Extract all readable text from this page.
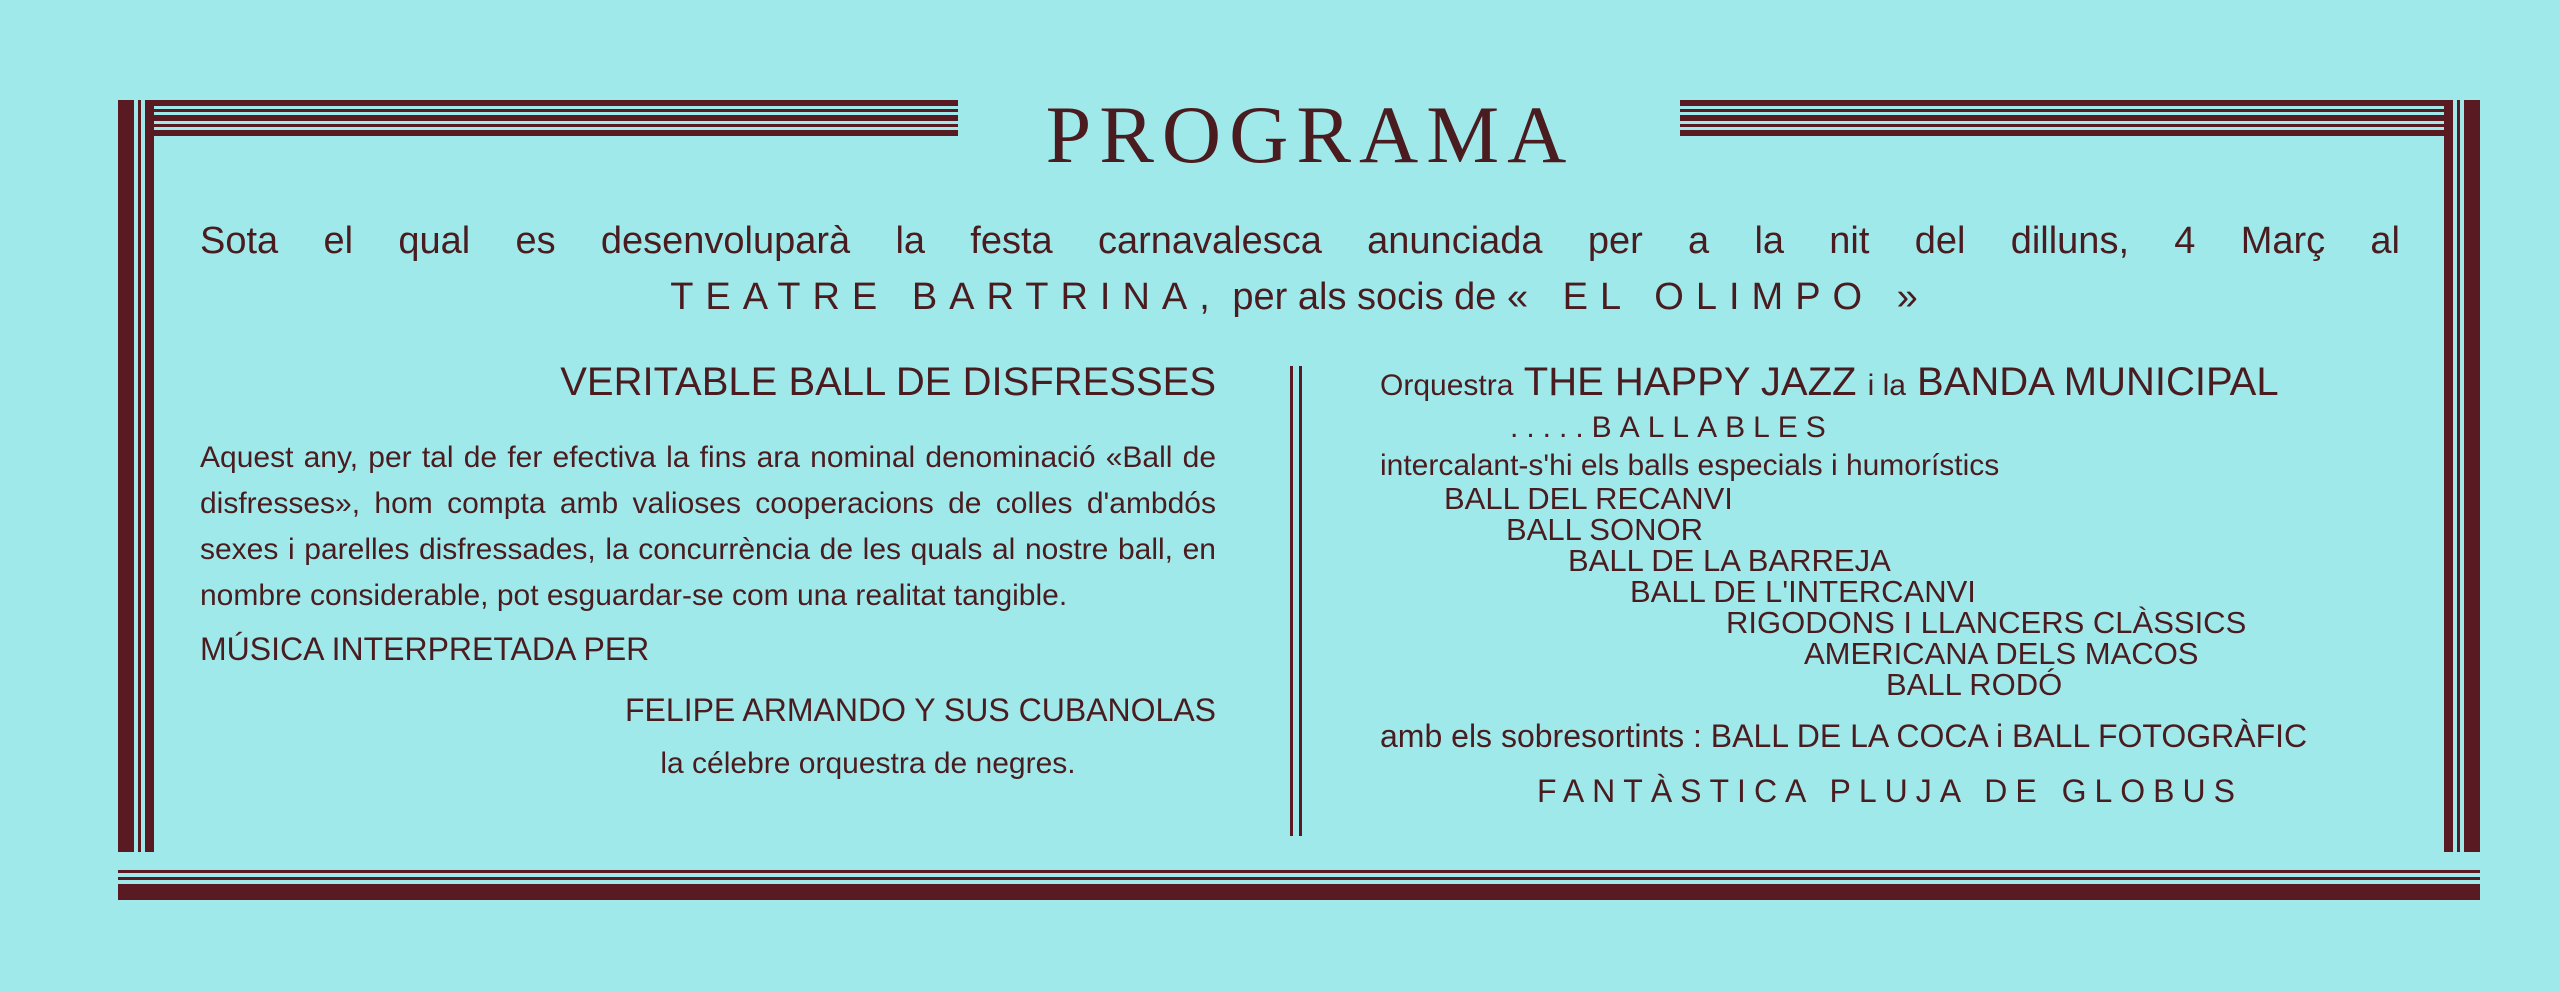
PROGRAMA
Sota el qual es desenvoluparà la festa carnavalesca anunciada per a la nit del dilluns, 4 Març al
TEATRE BARTRINA, per als socis de « EL OLIMPO »
VERITABLE BALL DE DISFRESSES
Aquest any, per tal de fer efectiva la fins ara nominal denominació «Ball de disfresses», hom compta amb valioses cooperacions de colles d'ambdós sexes i parelles disfressades, la concurrència de les quals al nostre ball, en nombre considerable, pot esguardar-se com una realitat tangible.
MÚSICA INTERPRETADA PER
FELIPE ARMANDO Y SUS CUBANOLAS
la célebre orquestra de negres.
Orquestra THE HAPPY JAZZ i la BANDA MUNICIPAL
.....BALLABLES
intercalant-s'hi els balls especials i humorístics
BALL DEL RECANVI
BALL SONOR
BALL DE LA BARREJA
BALL DE L'INTERCANVI
RIGODONS I LLANCERS CLÀSSICS
AMERICANA DELS MACOS
BALL RODÓ
amb els sobresortints : BALL DE LA COCA i BALL FOTOGRÀFIC
FANTÀSTICA PLUJA DE GLOBUS
